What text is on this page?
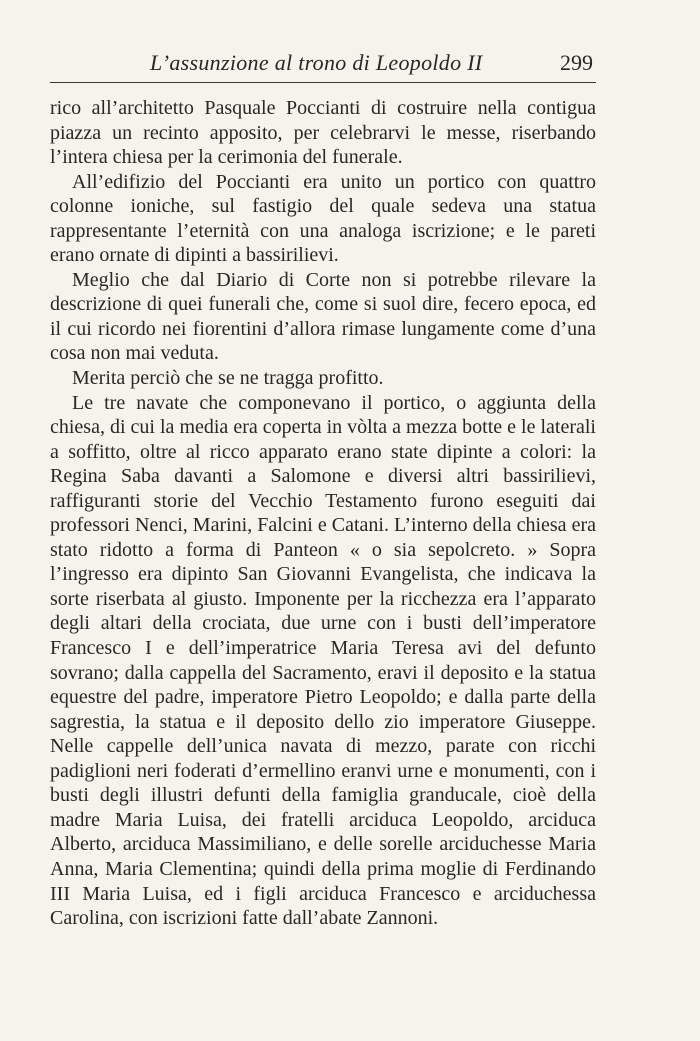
L’assunzione al trono di Leopoldo II	299

rico all’architetto Pasquale Poccianti di costruire nella contigua piazza un recinto apposito, per celebrarvi le messe, riserbando l’intera chiesa per la cerimonia del funerale.

All’edifizio del Poccianti era unito un portico con quattro colonne ioniche, sul fastigio del quale sedeva una statua rappresentante l’eternità con una analoga iscrizione; e le pareti erano ornate di dipinti a bassirilievi.

Meglio che dal Diario di Corte non si potrebbe rilevare la descrizione di quei funerali che, come si suol dire, fecero epoca, ed il cui ricordo nei fiorentini d’allora rimase lungamente come d’una cosa non mai veduta.

Merita perciò che se ne tragga profitto.

Le tre navate che componevano il portico, o aggiunta della chiesa, di cui la media era coperta in vòlta a mezza botte e le laterali a soffitto, oltre al ricco apparato erano state dipinte a colori: la Regina Saba davanti a Salomone e diversi altri bassirilievi, raffiguranti storie del Vecchio Testamento furono eseguiti dai professori Nenci, Marini, Falcini e Catani. L’interno della chiesa era stato ridotto a forma di Panteon « o sia sepolcreto. » Sopra l’ingresso era dipinto San Giovanni Evangelista, che indicava la sorte riserbata al giusto. Imponente per la ricchezza era l’apparato degli altari della crociata, due urne con i busti dell’imperatore Francesco I e dell’imperatrice Maria Teresa avi del defunto sovrano; dalla cappella del Sacramento, eravi il deposito e la statua equestre del padre, imperatore Pietro Leopoldo; e dalla parte della sagrestia, la statua e il deposito dello zio imperatore Giuseppe. Nelle cappelle dell’unica navata di mezzo, parate con ricchi padiglioni neri foderati d’ermellino eranvi urne e monumenti, con i busti degli illustri defunti della famiglia granducale, cioè della madre Maria Luisa, dei fratelli arciduca Leopoldo, arciduca Alberto, arciduca Massimiliano, e delle sorelle arciduchesse Maria Anna, Maria Clementina; quindi della prima moglie di Ferdinando III Maria Luisa, ed i figli arciduca Francesco e arciduchessa Carolina, con iscrizioni fatte dall’abate Zannoni.
